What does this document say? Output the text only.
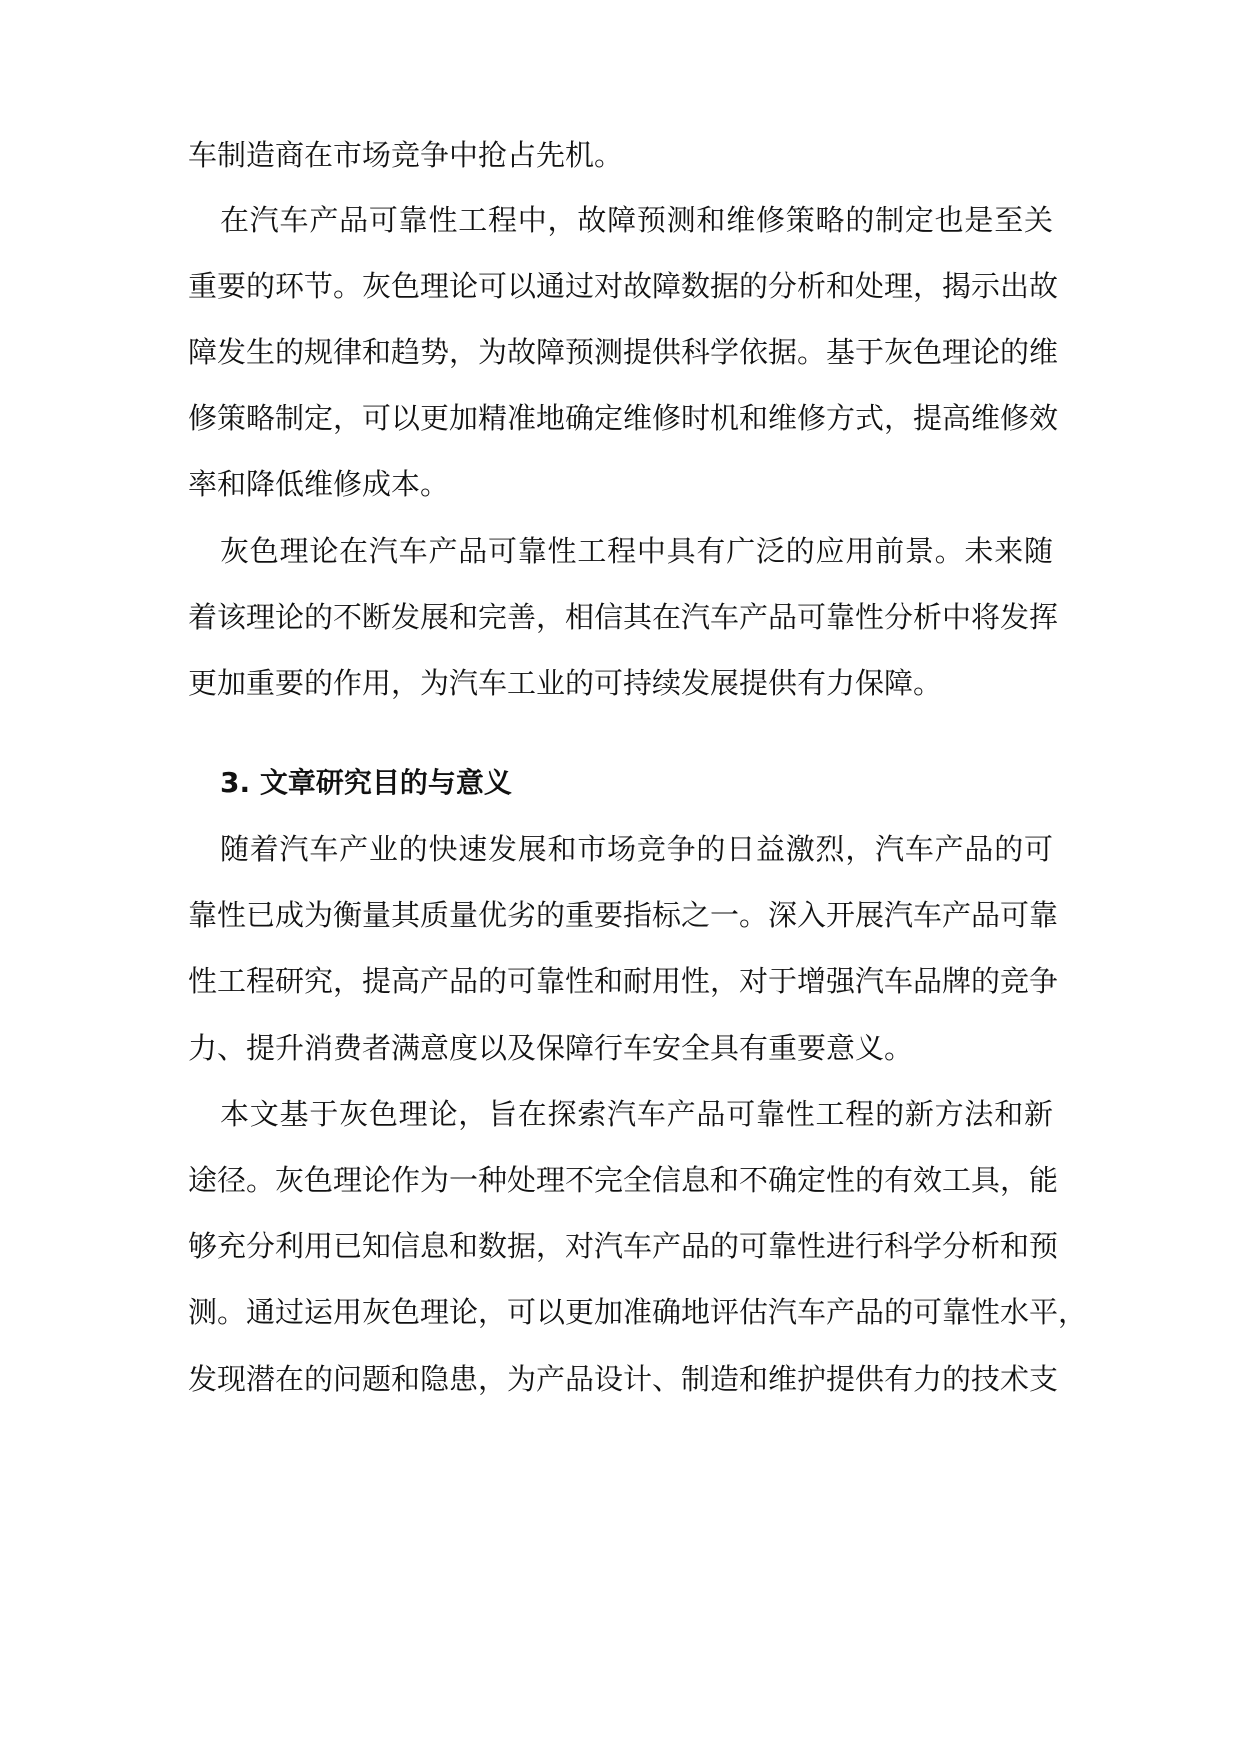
车制造商在市场竞争中抢占先机。
在汽车产品可靠性工程中，故障预测和维修策略的制定也是至关
重要的环节。灰色理论可以通过对故障数据的分析和处理，揭示出故
障发生的规律和趋势，为故障预测提供科学依据。基于灰色理论的维
修策略制定，可以更加精准地确定维修时机和维修方式，提高维修效
率和降低维修成本。
灰色理论在汽车产品可靠性工程中具有广泛的应用前景。未来随
着该理论的不断发展和完善，相信其在汽车产品可靠性分析中将发挥
更加重要的作用，为汽车工业的可持续发展提供有力保障。
3. 文章研究目的与意义
随着汽车产业的快速发展和市场竞争的日益激烈，汽车产品的可
靠性已成为衡量其质量优劣的重要指标之一。深入开展汽车产品可靠
性工程研究，提高产品的可靠性和耐用性，对于增强汽车品牌的竞争
力、提升消费者满意度以及保障行车安全具有重要意义。
本文基于灰色理论，旨在探索汽车产品可靠性工程的新方法和新
途径。灰色理论作为一种处理不完全信息和不确定性的有效工具，能
够充分利用已知信息和数据，对汽车产品的可靠性进行科学分析和预
测。通过运用灰色理论，可以更加准确地评估汽车产品的可靠性水平，
发现潜在的问题和隐患，为产品设计、制造和维护提供有力的技术支
